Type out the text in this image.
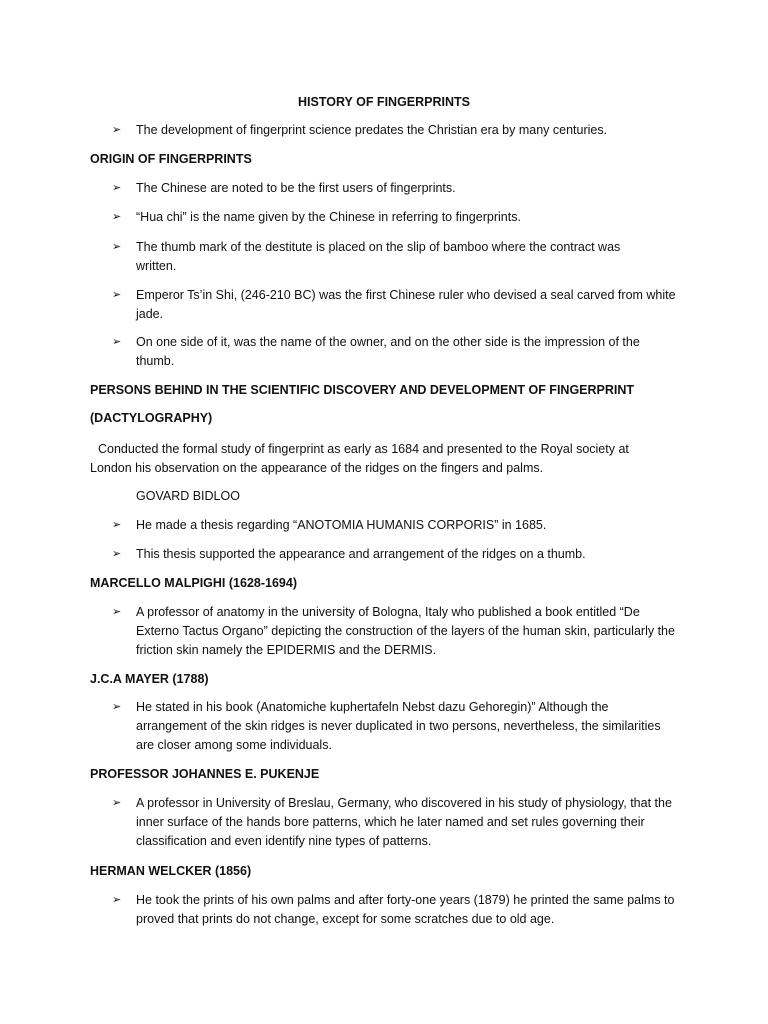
HISTORY OF FINGERPRINTS
➢ The development of fingerprint science predates the Christian era by many centuries.
ORIGIN OF FINGERPRINTS
➢ The Chinese are noted to be the first users of fingerprints.
➢ “Hua chi” is the name given by the Chinese in referring to fingerprints.
➢ The thumb mark of the destitute is placed on the slip of bamboo where the contract was written.
➢ Emperor Ts’in Shi, (246-210 BC) was the first Chinese ruler who devised a seal carved from white jade.
➢ On one side of it, was the name of the owner, and on the other side is the impression of the thumb.
PERSONS BEHIND IN THE SCIENTIFIC DISCOVERY AND DEVELOPMENT OF FINGERPRINT
(DACTYLOGRAPHY)
Conducted the formal study of fingerprint as early as 1684 and presented to the Royal society at London his observation on the appearance of the ridges on the fingers and palms.
GOVARD BIDLOO
➢ He made a thesis regarding “ANOTOMIA HUMANIS CORPORIS” in 1685.
➢ This thesis supported the appearance and arrangement of the ridges on a thumb.
MARCELLO MALPIGHI (1628-1694)
➢ A professor of anatomy in the university of Bologna, Italy who published a book entitled “De Externo Tactus Organo” depicting the construction of the layers of the human skin, particularly the friction skin namely the EPIDERMIS and the DERMIS.
J.C.A MAYER (1788)
➢ He stated in his book (Anatomiche kuphertafeln Nebst dazu Gehoregin)” Although the arrangement of the skin ridges is never duplicated in two persons, nevertheless, the similarities are closer among some individuals.
PROFESSOR JOHANNES E. PUKENJE
➢ A professor in University of Breslau, Germany, who discovered in his study of physiology, that the inner surface of the hands bore patterns, which he later named and set rules governing their classification and even identify nine types of patterns.
HERMAN WELCKER (1856)
➢ He took the prints of his own palms and after forty-one years (1879) he printed the same palms to proved that prints do not change, except for some scratches due to old age.
